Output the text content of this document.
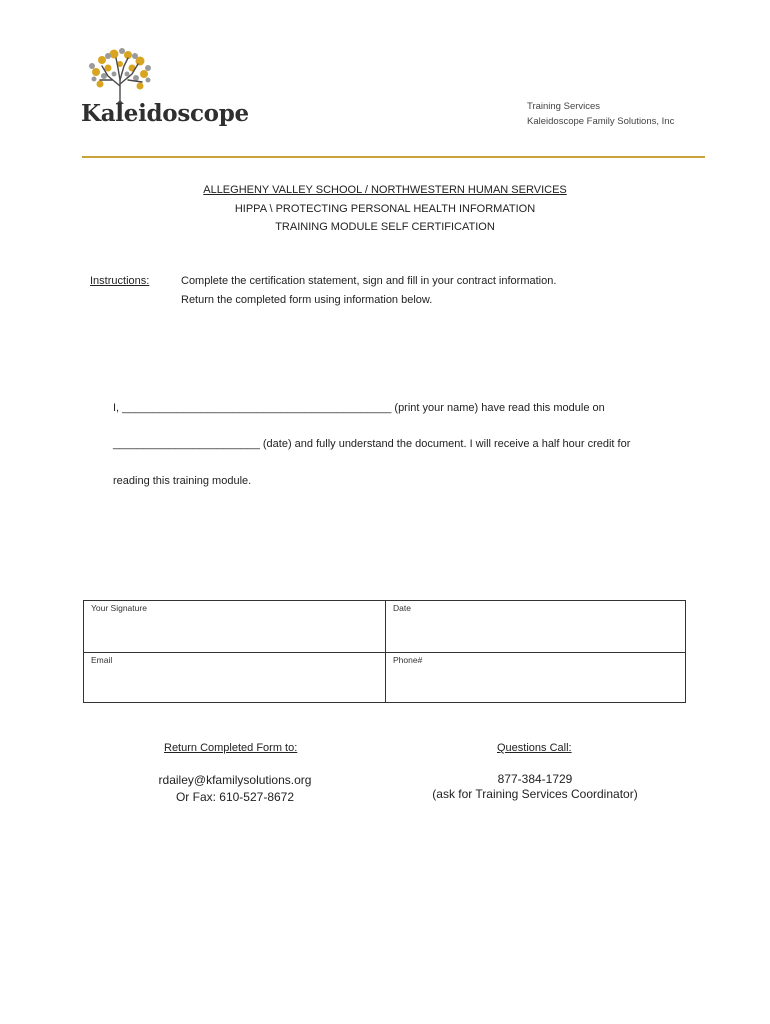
Kaleidoscope	Training Services
Kaleidoscope Family Solutions, Inc
ALLEGHENY VALLEY SCHOOL / NORTHWESTERN HUMAN SERVICES
HIPPA \ PROTECTING PERSONAL HEALTH INFORMATION
TRAINING MODULE SELF CERTIFICATION
Instructions:	Complete the certification statement, sign and fill in your contract information.
Return the completed form using information below.
I, ____________________________________________ (print your name) have read this module on
________________________ (date) and fully understand the document. I will receive a half hour credit for
reading this training module.
Your Signature	Date
Email	Phone#
Return Completed Form to:
rdailey@kfamilysolutions.org
Or Fax: 610-527-8672
Questions Call:
877-384-1729
(ask for Training Services Coordinator)
